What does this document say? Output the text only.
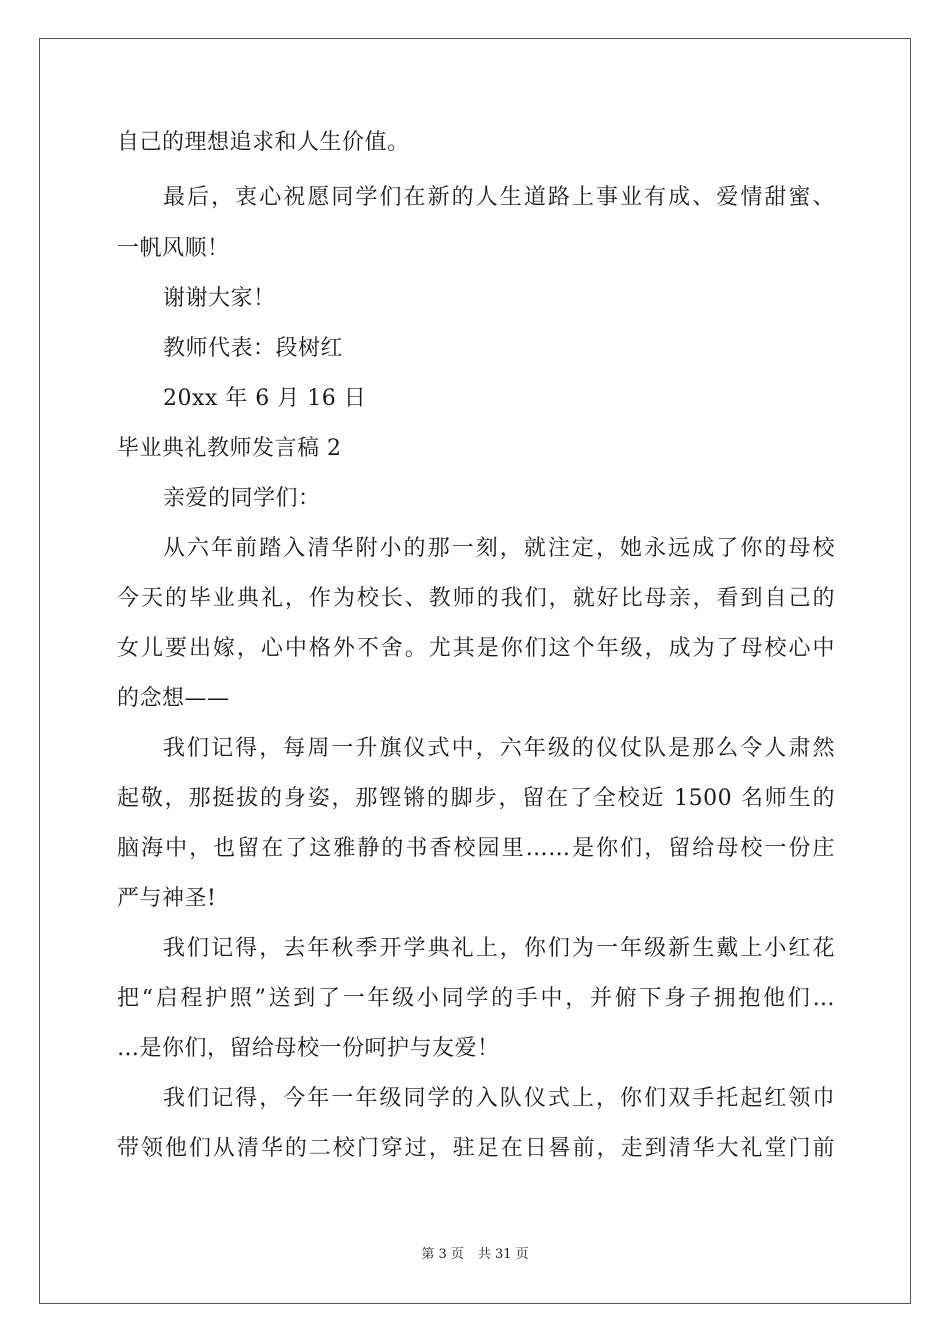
自己的理想追求和人生价值。
最后，衷心祝愿同学们在新的人生道路上事业有成、爱情甜蜜、
一帆风顺！
谢谢大家！
教师代表：段树红
20xx 年 6 月 16 日
毕业典礼教师发言稿 2
亲爱的同学们：
从六年前踏入清华附小的那一刻，就注定，她永远成了你的母校
今天的毕业典礼，作为校长、教师的我们，就好比母亲，看到自己的
女儿要出嫁，心中格外不舍。尤其是你们这个年级，成为了母校心中
的念想——
我们记得，每周一升旗仪式中，六年级的仪仗队是那么令人肃然
起敬，那挺拔的身姿，那铿锵的脚步，留在了全校近 1500 名师生的
脑海中，也留在了这雅静的书香校园里……是你们，留给母校一份庄
严与神圣!
我们记得，去年秋季开学典礼上，你们为一年级新生戴上小红花
把“启程护照”送到了一年级小同学的手中，并俯下身子拥抱他们…
…是你们，留给母校一份呵护与友爱！
我们记得，今年一年级同学的入队仪式上，你们双手托起红领巾
带领他们从清华的二校门穿过，驻足在日晷前，走到清华大礼堂门前
第 3 页 共 31 页
